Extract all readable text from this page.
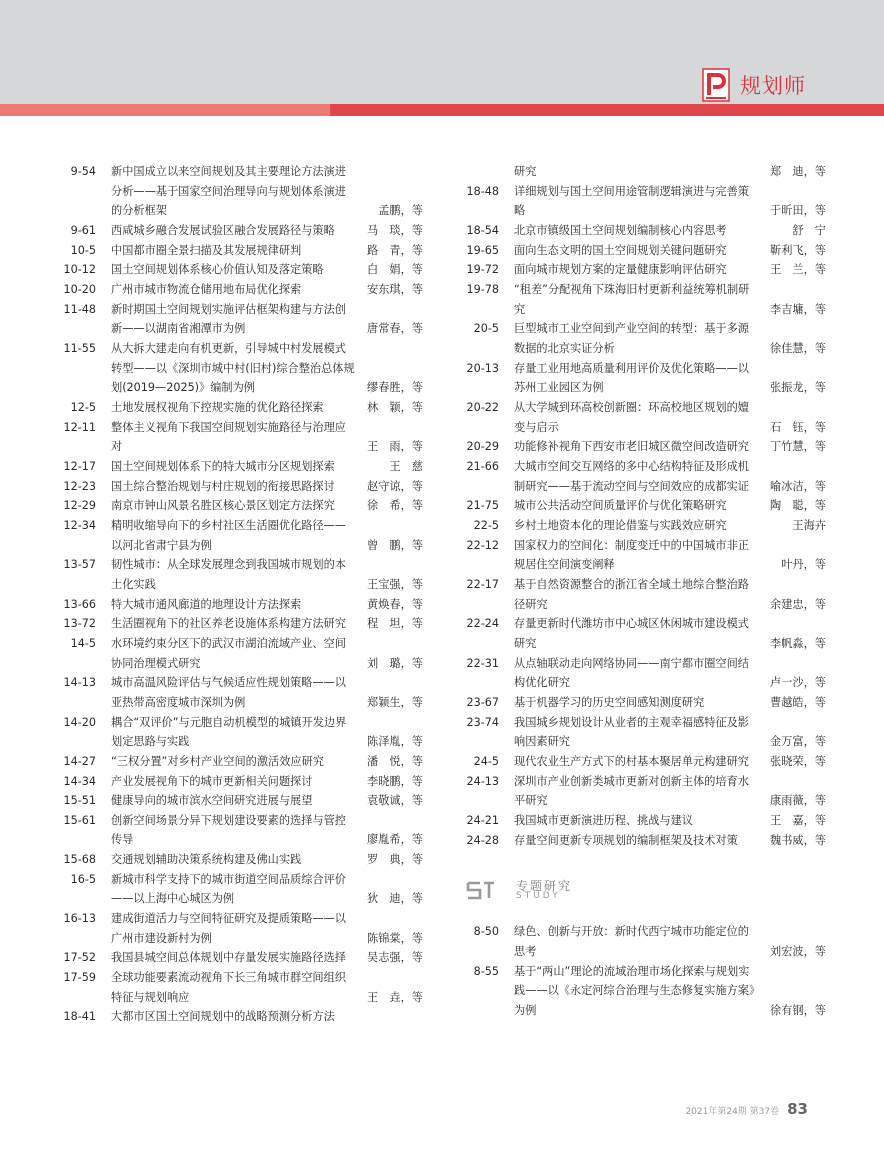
规划师
9-54 新中国成立以来空间规划及其主要理论方法演进分析——基于国家空间治理导向与规划体系演进的分析框架	孟鹏，等
9-61 西咸城乡融合发展试验区融合发展路径与策略	马　琰，等
10-5 中国都市圈全景扫描及其发展规律研判	路　青，等
10-12 国土空间规划体系核心价值认知及落定策略	白　娟，等
10-20 广州市城市物流仓储用地布局优化探索	安东琪，等
11-48 新时期国土空间规划实施评估框架构建与方法创新——以湖南省湘潭市为例	唐常春，等
11-55 从大拆大建走向有机更新，引导城中村发展模式转型——以《深圳市城中村(旧村)综合整治总体规划(2019—2025)》编制为例	缪春胜，等
12-5 土地发展权视角下控规实施的优化路径探索	林　颖，等
12-11 整体主义视角下我国空间规划实施路径与治理应对	王　雨，等
12-17 国土空间规划体系下的特大城市分区规划探索	王　慈
12-23 国土综合整治规划与村庄规划的衔接思路探讨	赵守谅，等
12-29 南京市钟山风景名胜区核心景区划定方法探究	徐　希，等
12-34 精明收缩导向下的乡村社区生活圈优化路径——以河北省肃宁县为例	曾　鹏，等
13-57 韧性城市：从全球发展理念到我国城市规划的本土化实践	王宝强，等
13-66 特大城市通风廊道的地理设计方法探索	黄焕春，等
13-72 生活圈视角下的社区养老设施体系构建方法研究	程　坦，等
14-5 水环境约束分区下的武汉市湖泊流域产业、空间协同治理模式研究	刘　璐，等
14-13 城市高温风险评估与气候适应性规划策略——以亚热带高密度城市深圳为例	郑颖生，等
14-20 耦合“双评价”与元胞自动机模型的城镇开发边界划定思路与实践	陈泽胤，等
14-27 “三权分置”对乡村产业空间的激活效应研究	潘　悦，等
14-34 产业发展视角下的城市更新相关问题探讨	李晓鹏，等
15-51 健康导向的城市滨水空间研究进展与展望	袁敬诚，等
15-61 创新空间场景分异下规划建设要素的选择与管控传导	廖胤希，等
15-68 交通规划辅助决策系统构建及佛山实践	罗　典，等
16-5 新城市科学支持下的城市街道空间品质综合评价——以上海中心城区为例	狄　迪，等
16-13 建成街道活力与空间特征研究及提质策略——以广州市建设新村为例	陈锦棠，等
17-52 我国县城空间总体规划中存量发展实施路径选择	吴志强，等
17-59 全球功能要素流动视角下长三角城市群空间组织特征与规划响应	王　垚，等
18-41 大都市区国土空间规划中的战略预测分析方法
研究	郑　迪，等
18-48 详细规划与国土空间用途管制逻辑演进与完善策略	于昕田，等
18-54 北京市镇级国土空间规划编制核心内容思考	舒　宁
19-65 面向生态文明的国土空间规划关键问题研究	靳利飞，等
19-72 面向城市规划方案的定量健康影响评估研究	王　兰，等
19-78 “租差”分配视角下珠海旧村更新利益统筹机制研究	李吉墉，等
20-5 巨型城市工业空间到产业空间的转型：基于多源数据的北京实证分析	徐佳慧，等
20-13 存量工业用地高质量利用评价及优化策略——以苏州工业园区为例	张振龙，等
20-22 从大学城到环高校创新圈：环高校地区规划的嬗变与启示	石　钰，等
20-29 功能修补视角下西安市老旧城区微空间改造研究	丁竹慧，等
21-66 大城市空间交互网络的多中心结构特征及形成机制研究——基于流动空间与空间效应的成都实证	喻冰洁，等
21-75 城市公共活动空间质量评价与优化策略研究	陶　聪，等
22-5 乡村土地资本化的理论借鉴与实践效应研究	王海卉
22-12 国家权力的空间化：制度变迁中的中国城市非正规居住空间演变阐释	叶丹，等
22-17 基于自然资源整合的浙江省全域土地综合整治路径研究	余建忠，等
22-24 存量更新时代潍坊市中心城区休闲城市建设模式研究	李帆淼，等
22-31 从点轴联动走向网络协同——南宁都市圈空间结构优化研究	卢一沙，等
23-67 基于机器学习的历史空间感知测度研究	曹越皓，等
23-74 我国城乡规划设计从业者的主观幸福感特征及影响因素研究	金万富，等
24-5 现代农业生产方式下的村基本聚居单元构建研究	张晓荣，等
24-13 深圳市产业创新类城市更新对创新主体的培育水平研究	康雨薇，等
24-21 我国城市更新演进历程、挑战与建议	王　嘉，等
24-28 存量空间更新专项规划的编制框架及技术对策	魏书威，等
专题研究
STUDY
8-50 绿色、创新与开放：新时代西宁城市功能定位的思考	刘宏波，等
8-55 基于“两山”理论的流域治理市场化探索与规划实践——以《永定河综合治理与生态修复实施方案》为例	徐有钢，等
2021年第24期 第37卷 83
